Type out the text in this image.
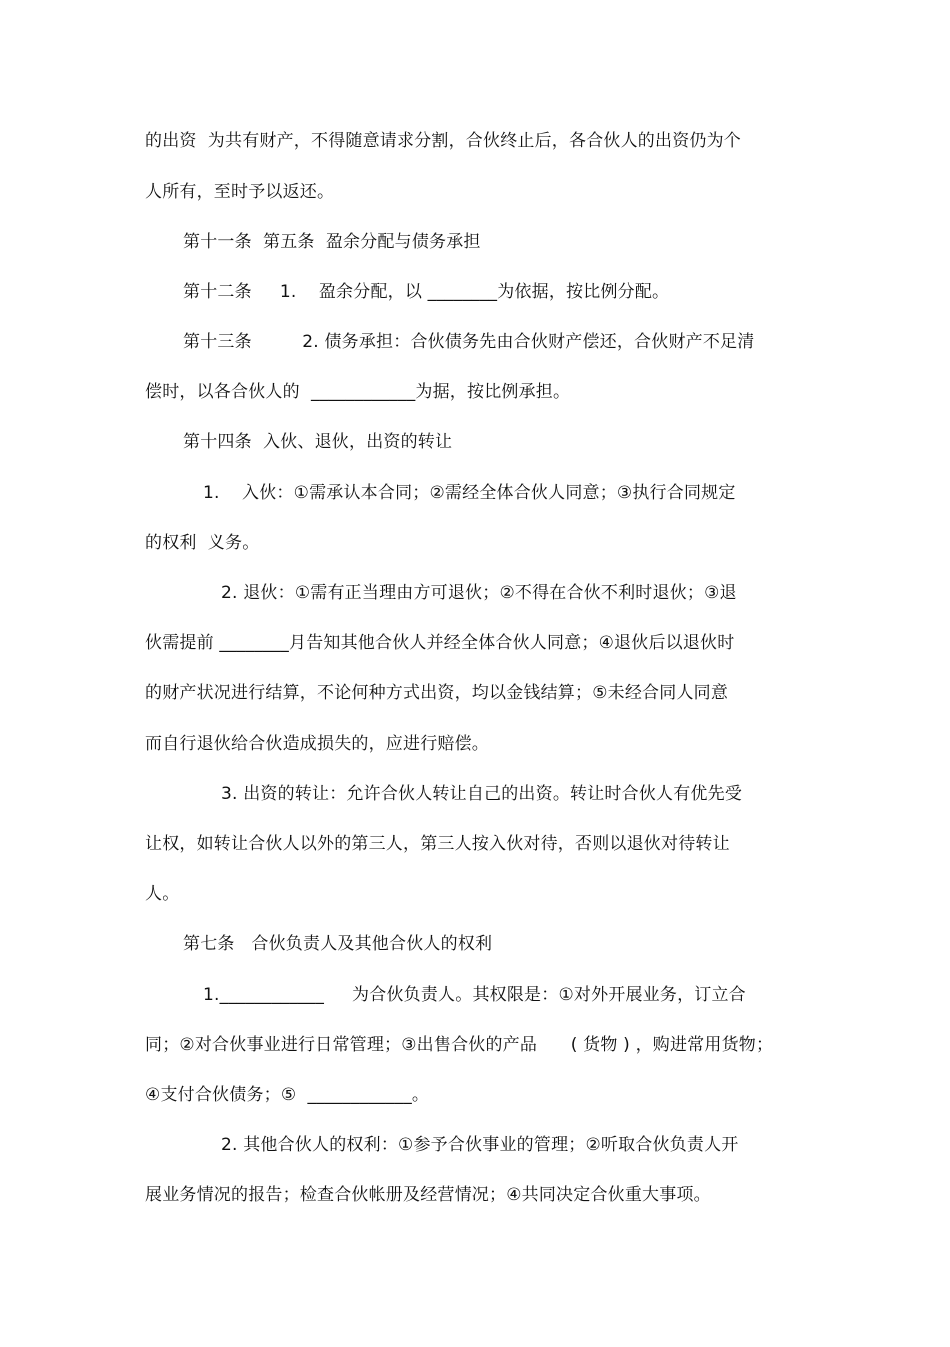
的出资  为共有财产，不得随意请求分割，合伙终止后，各合伙人的出资仍为个
人所有，至时予以返还。
第十一条  第五条  盈余分配与债务承担
第十二条     1.    盈余分配，以 ________为依据，按比例分配。
第十三条         2. 债务承担：合伙债务先由合伙财产偿还，合伙财产不足清
偿时，以各合伙人的  ____________为据，按比例承担。
第十四条  入伙、退伙，出资的转让
1.    入伙：①需承认本合同；②需经全体合伙人同意；③执行合同规定
的权利  义务。
2. 退伙：①需有正当理由方可退伙；②不得在合伙不利时退伙；③退
伙需提前 ________月告知其他合伙人并经全体合伙人同意；④退伙后以退伙时
的财产状况进行结算，不论何种方式出资，均以金钱结算；⑤未经合同人同意
而自行退伙给合伙造成损失的，应进行赔偿。
3. 出资的转让：允许合伙人转让自己的出资。转让时合伙人有优先受
让权，如转让合伙人以外的第三人，第三人按入伙对待，否则以退伙对待转让
人。
第七条   合伙负责人及其他合伙人的权利
1.____________     为合伙负责人。其权限是：①对外开展业务，订立合
同；②对合伙事业进行日常管理；③出售合伙的产品      ( 货物 ) ，购进常用货物；
④支付合伙债务；⑤  ____________。
2. 其他合伙人的权利：①参予合伙事业的管理；②听取合伙负责人开
展业务情况的报告；检查合伙帐册及经营情况；④共同决定合伙重大事项。
